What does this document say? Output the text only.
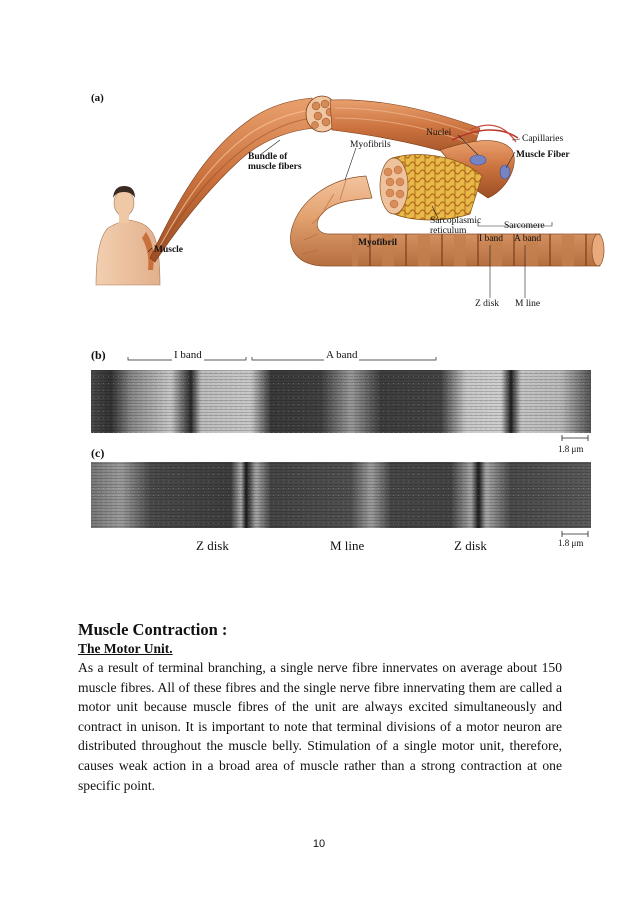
(a)
(b)
(c)
Muscle
Bundle of
muscle fibers
Myofibrils
Nuclei
Capillaries
Muscle Fiber
Sarcoplasmic
reticulum	Sarcomere
I band A band
Myofibril
Z disk M line
I band	A band
1.8 μm
Z disk	M line	Z disk	1.8 μm
Muscle Contraction :
The Motor Unit.

As a result of terminal branching, a single nerve fibre innervates on average about 150 muscle fibres. All of these fibres and the single nerve fibre innervating them are called a motor unit because muscle fibres of the unit are always excited simultaneously and contract in unison. It is important to note that terminal divisions of a motor neuron are distributed throughout the muscle belly. Stimulation of a single motor unit, therefore, causes weak action in a broad area of muscle rather than a strong contraction at one specific point.

10
